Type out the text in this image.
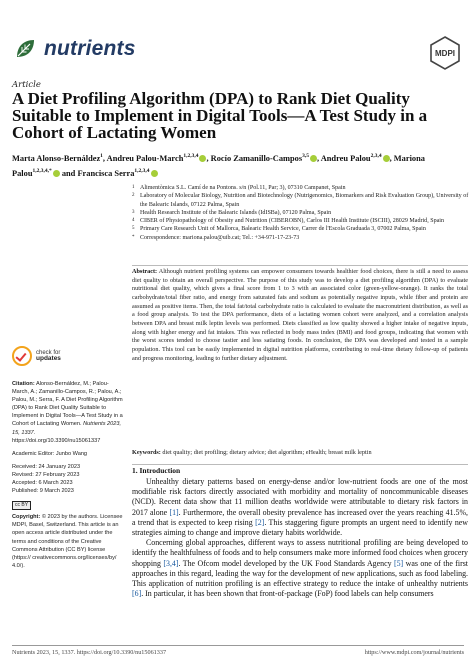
nutrients	MDPI
Article
A Diet Profiling Algorithm (DPA) to Rank Diet Quality Suitable to Implement in Digital Tools—A Test Study in a Cohort of Lactating Women
Marta Alonso-Bernáldez$^1$, Andreu Palou-March$^{1,2,3,4}$ , Rocío Zamanillo-Campos$^{3,5}$ , Andreu Palou$^{2,3,4}$ , Mariona Palou$^{1,2,3,4,*}$ and Francisca Serra$^{1,2,3,4}$
1 Alimentòmica S.L. Camí de na Pontons. s/n (Pol.11, Par; 3), 07310 Campanet, Spain
2 Laboratory of Molecular Biology, Nutrition and Biotechnology (Nutrigenomics, Biomarkers and Risk Evaluation Group), University of the Balearic Islands, 07122 Palma, Spain
3 Health Research Institute of the Balearic Islands (IdISBa), 07120 Palma, Spain
4 CIBER of Physiopathology of Obesity and Nutrition (CIBEROBN), Carlos III Health Institute (ISCIII), 28029 Madrid, Spain
5 Primary Care Research Unit of Mallorca, Balearic Health Service, Carrer de l'Escola Graduada 3, 07002 Palma, Spain
* Correspondence: mariona.palou@uib.cat; Tel.: +34-971-17-23-73
Abstract: Although nutrient profiling systems can empower consumers towards healthier food choices, there is still a need to assess diet quality to obtain an overall perspective. The purpose of this study was to develop a diet profiling algorithm (DPA) to evaluate nutritional diet quality, which gives a final score from 1 to 3 with an associated color (green-yellow-orange). It ranks the total carbohydrate/total fiber ratio, and energy from saturated fats and sodium as potentially negative inputs, while fiber and protein are assumed as positive items. Then, the total fat/total carbohydrate ratio is calculated to evaluate the macronutrient distribution, as well as a food group analysis. To test the DPA performance, diets of a lactating women cohort were analyzed, and a correlation analysis between DPA and breast milk leptin levels was performed. Diets classified as low quality showed a higher intake of negative inputs, along with higher energy and fat intakes. This was reflected in body mass index (BMI) and food groups, indicating that women with the worst scores tended to choose tastier and less satiating foods. In conclusion, the DPA was developed and tested in a sample population. This tool can be easily implemented in digital nutrition platforms, contributing to real-time dietary follow-up of patients and progress monitoring, leading to further dietary adjustment.
Keywords: diet quality; diet profiling; dietary advice; diet algorithm; eHealth; breast milk leptin
1. Introduction

Unhealthy dietary patterns based on energy-dense and/or low-nutrient foods are one of the most modifiable risk factors directly associated with morbidity and mortality of noncommunicable diseases (NCD). Recent data show that 11 million deaths worldwide were attributable to dietary risk factors in 2017 alone [1]. Furthermore, the overall obesity prevalence has increased over the years reaching 41.5%, a trend that is expected to keep rising [2]. This staggering figure prompts an urgent need to identify new strategies aiming to change and improve dietary habits worldwide.

Concerning global approaches, different ways to assess nutritional profiling are being developed to identify the healthfulness of foods and to help consumers make more informed food choices when grocery shopping [3,4]. The Ofcom model developed by the UK Food Standards Agency [5] was one of the first approaches in this regard, leading the way for the development of new applications, such as food labeling. This application of nutrition profiling is an effective strategy to reduce the intake of unhealthy nutrients [6]. In particular, it has been shown that front-of-package (FoP) food labels can help consumers

check for
updates

Citation: Alonso-Bernáldez, M.; Palou-March, A.; Zamanillo-Campos, R.; Palou, A.; Palou, M.; Serra, F. A Diet Profiling Algorithm (DPA) to Rank Diet Quality Suitable to Implement in Digital Tools—A Test Study in a Cohort of Lactating Women. Nutrients 2023, 15, 1337. https://doi.org/10.3390/nu15061337

Academic Editor: Junbo Wang

Received: 24 January 2023
Revised: 27 February 2023
Accepted: 6 March 2023
Published: 9 March 2023
cc BY

Copyright: © 2023 by the authors. Licensee MDPI, Basel, Switzerland. This article is an open access article distributed under the terms and conditions of the Creative Commons Attribution (CC BY) license (https:// creativecommons.org/licenses/by/ 4.0/).

Nutrients 2023, 15, 1337. https://doi.org/10.3390/nu15061337	https://www.mdpi.com/journal/nutrients
